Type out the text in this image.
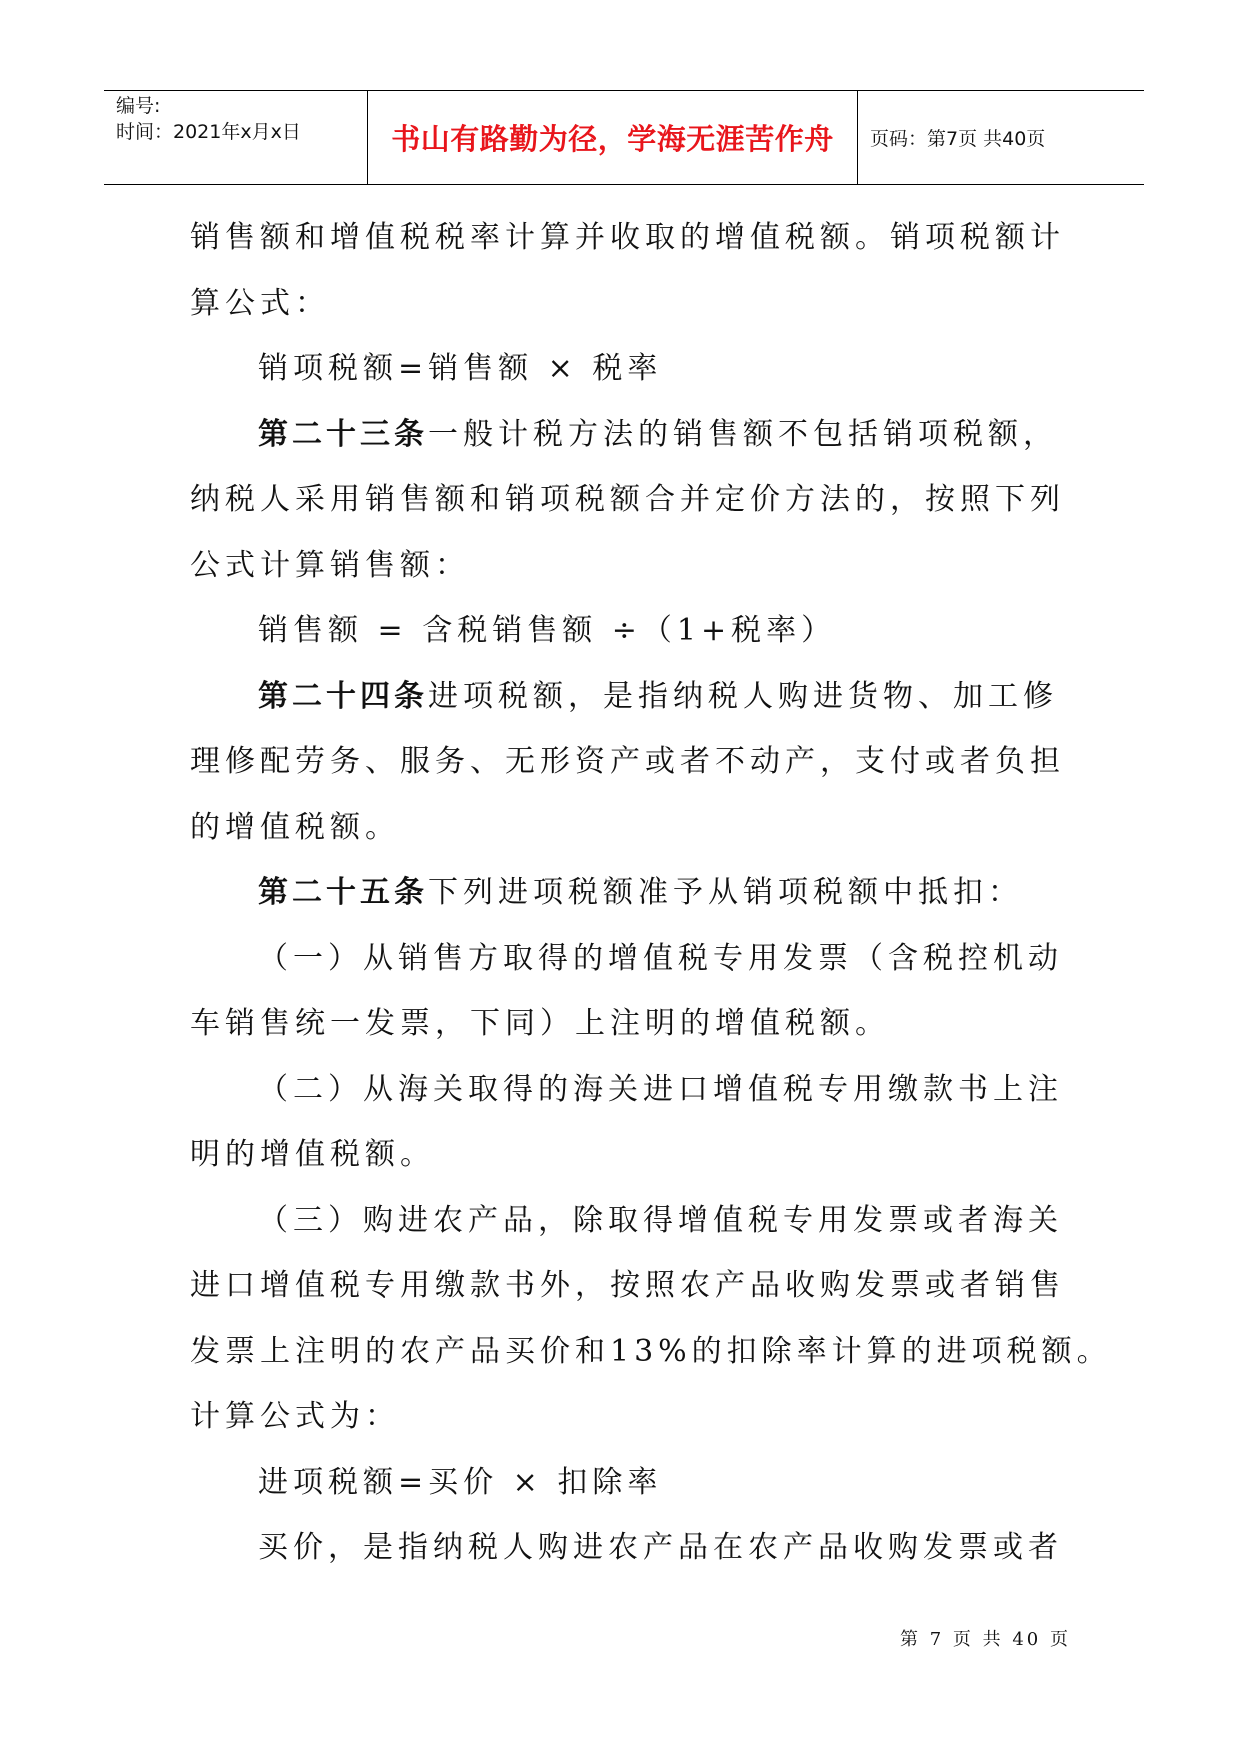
编号:
时间：2021年x月x日	书山有路勤为径，学海无涯苦作舟 页码：第7页 共40页
销售额和增值税税率计算并收取的增值税额。销项税额计
算公式：
销项税额=销售额 × 税率
第二十三条一般计税方法的销售额不包括销项税额，
纳税人采用销售额和销项税额合并定价方法的，按照下列
公式计算销售额：
销售额 = 含税销售额 ÷（1+税率）
第二十四条进项税额，是指纳税人购进货物、加工修
理修配劳务、服务、无形资产或者不动产，支付或者负担
的增值税额。
第二十五条下列进项税额准予从销项税额中抵扣：
（一）从销售方取得的增值税专用发票（含税控机动
车销售统一发票，下同）上注明的增值税额。
（二）从海关取得的海关进口增值税专用缴款书上注
明的增值税额。
（三）购进农产品，除取得增值税专用发票或者海关
进口增值税专用缴款书外，按照农产品收购发票或者销售
发票上注明的农产品买价和13%的扣除率计算的进项税额。
计算公式为：
进项税额=买价 × 扣除率
买价，是指纳税人购进农产品在农产品收购发票或者
第 7 页 共 40 页
